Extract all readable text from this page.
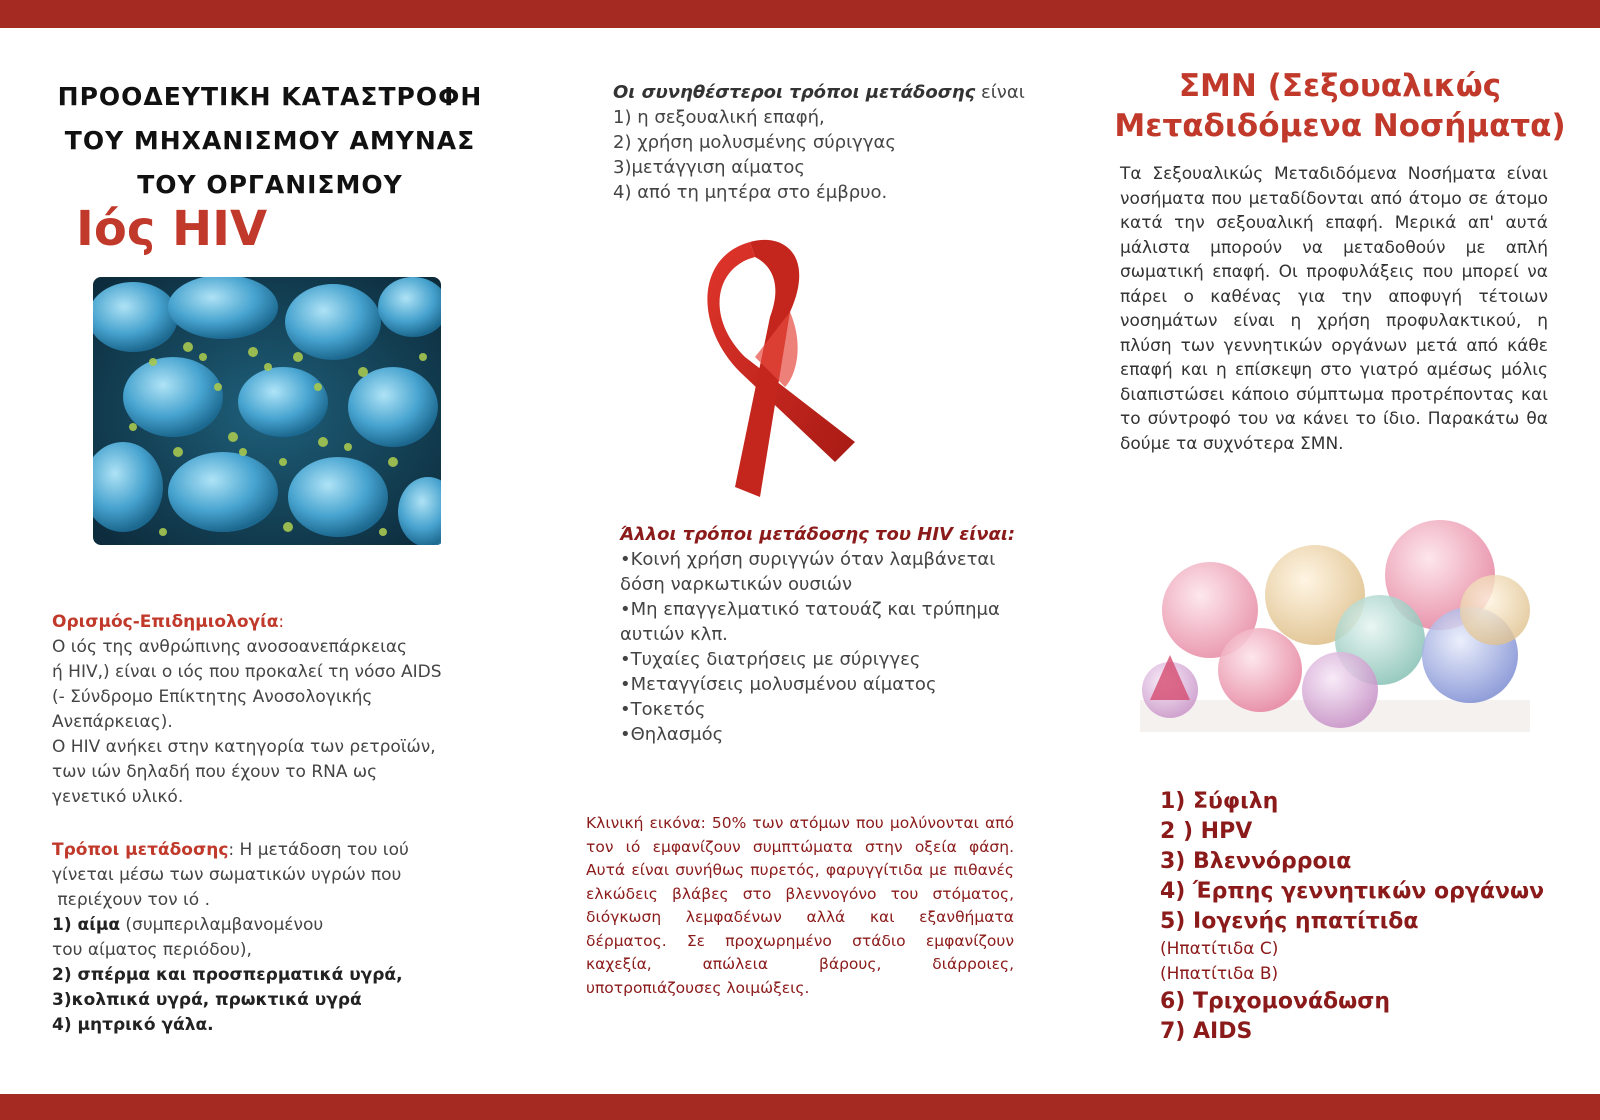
ΠΡΟΟΔΕΥΤΙΚΗ ΚΑΤΑΣΤΡΟΦΗ
ΤΟΥ ΜΗΧΑΝΙΣΜΟΥ ΑΜΥΝΑΣ
ΤΟΥ ΟΡΓΑΝΙΣΜΟΥ
Ιός HIV

Ορισμός-Επιδημιολογία:

Ο ιός της ανθρώπινης ανοσοανεπάρκειας

ή HIV,) είναι ο ιός που προκαλεί τη νόσο AIDS

(- Σύνδρομο Επίκτητης Ανοσολογικής

Ανεπάρκειας).

Ο HIV ανήκει στην κατηγορία των ρετροϊών,

των ιών δηλαδή που έχουν το RNA ως

γενετικό υλικό.

Τρόποι μετάδοσης: Η μετάδοση του ιού

γίνεται μέσω των σωματικών υγρών που

περιέχουν τον ιό .

1) αίμα (συμπεριλαμβανομένου

του αίματος περιόδου),

2) σπέρμα και προσπερματικά υγρά,

3)κολπικά υγρά, πρωκτικά υγρά

4) μητρικό γάλα.

Οι συνηθέστεροι τρόποι μετάδοσης είναι

1) η σεξουαλική επαφή,

2) χρήση μολυσμένης σύριγγας

3)μετάγγιση αίματος

4) από τη μητέρα στο έμβρυο.

Άλλοι τρόποι μετάδοσης του HIV είναι:

•Κοινή χρήση συριγγών όταν λαμβάνεται

δόση ναρκωτικών ουσιών

•Μη επαγγελματικό τατουάζ και τρύπημα

αυτιών κλπ.

•Τυχαίες διατρήσεις με σύριγγες

•Μεταγγίσεις μολυσμένου αίματος

•Τοκετός

•Θηλασμός

Κλινική εικόνα: 50% των ατόμων που μολύνονται από τον ιό εμφανίζουν συμπτώματα στην οξεία φάση. Αυτά είναι συνήθως πυρετός, φαρυγγίτιδα με πιθανές ελκώδεις βλάβες στο βλεννογόνο του στόματος, διόγκωση λεμφαδένων αλλά και εξανθήματα δέρματος. Σε προχωρημένο στάδιο εμφανίζουν καχεξία, απώλεια βάρους, διάρροιες, υποτροπιάζουσες λοιμώξεις.
ΣΜΝ (Σεξουαλικώς
Μεταδιδόμενα Νοσήματα)
Τα Σεξουαλικώς Μεταδιδόμενα Νοσήματα είναι νοσήματα που μεταδίδονται από άτομο σε άτομο κατά την σεξουαλική επαφή. Μερικά απ' αυτά μάλιστα μπορούν να μεταδοθούν με απλή σωματική επαφή. Οι προφυλάξεις που μπορεί να πάρει ο καθένας για την αποφυγή τέτοιων νοσημάτων είναι η χρήση προφυλακτικού, η πλύση των γεννητικών οργάνων μετά από κάθε επαφή και η επίσκεψη στο γιατρό αμέσως μόλις διαπιστώσει κάποιο σύμπτωμα προτρέποντας και το σύντροφό του να κάνει το ίδιο. Παρακάτω θα δούμε τα συχνότερα ΣΜΝ.
1) Σύφιλη
2 ) HPV
3) Βλεννόρροια
4) Έρπης γεννητικών οργάνων
5) Ιογενής ηπατίτιδα
(Ηπατίτιδα C)
(Ηπατίτιδα B)
6) Τριχομονάδωση
7) AIDS
